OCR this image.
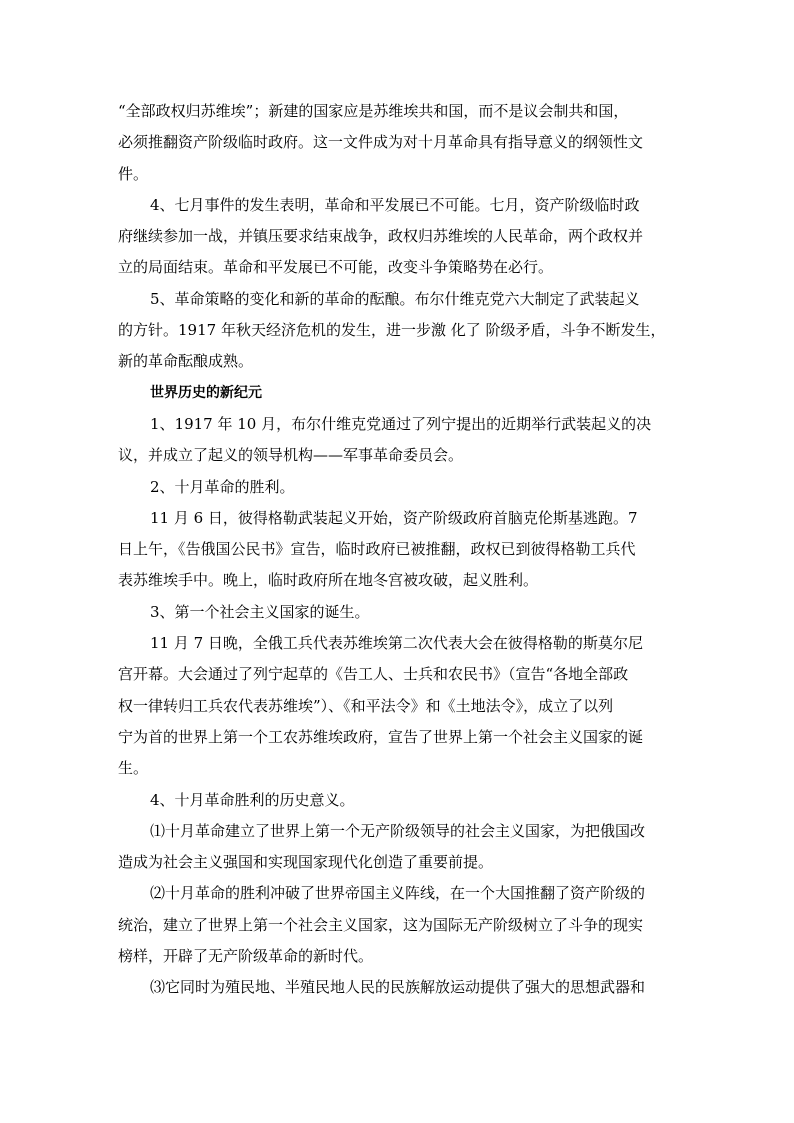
“全部政权归苏维埃”；新建的国家应是苏维埃共和国，而不是议会制共和国，
必须推翻资产阶级临时政府。这一文件成为对十月革命具有指导意义的纲领性文
件。
4、七月事件的发生表明，革命和平发展已不可能。七月，资产阶级临时政
府继续参加一战，并镇压要求结束战争，政权归苏维埃的人民革命，两个政权并
立的局面结束。革命和平发展已不可能，改变斗争策略势在必行。
5、革命策略的变化和新的革命的酝酿。布尔什维克党六大制定了武装起义
的方针。1917 年秋天经济危机的发生，进一步激 化了 阶级矛盾，斗争不断发生，
新的革命酝酿成熟。
世界历史的新纪元
1、1917 年 10 月，布尔什维克党通过了列宁提出的近期举行武装起义的决
议，并成立了起义的领导机构——军事革命委员会。
2、十月革命的胜利。
11 月 6 日，彼得格勒武装起义开始，资产阶级政府首脑克伦斯基逃跑。7
日上午，《告俄国公民书》宣告，临时政府已被推翻，政权已到彼得格勒工兵代
表苏维埃手中。晚上，临时政府所在地冬宫被攻破，起义胜利。
3、第一个社会主义国家的诞生。
11 月 7 日晚，全俄工兵代表苏维埃第二次代表大会在彼得格勒的斯莫尔尼
宫开幕。大会通过了列宁起草的《告工人、士兵和农民书》（宣告“各地全部政
权一律转归工兵农代表苏维埃”）、《和平法令》和《土地法令》，成立了以列
宁为首的世界上第一个工农苏维埃政府，宣告了世界上第一个社会主义国家的诞
生。
4、十月革命胜利的历史意义。
⑴十月革命建立了世界上第一个无产阶级领导的社会主义国家，为把俄国改
造成为社会主义强国和实现国家现代化创造了重要前提。
⑵十月革命的胜利冲破了世界帝国主义阵线，在一个大国推翻了资产阶级的
统治，建立了世界上第一个社会主义国家，这为国际无产阶级树立了斗争的现实
榜样，开辟了无产阶级革命的新时代。
⑶它同时为殖民地、半殖民地人民的民族解放运动提供了强大的思想武器和
